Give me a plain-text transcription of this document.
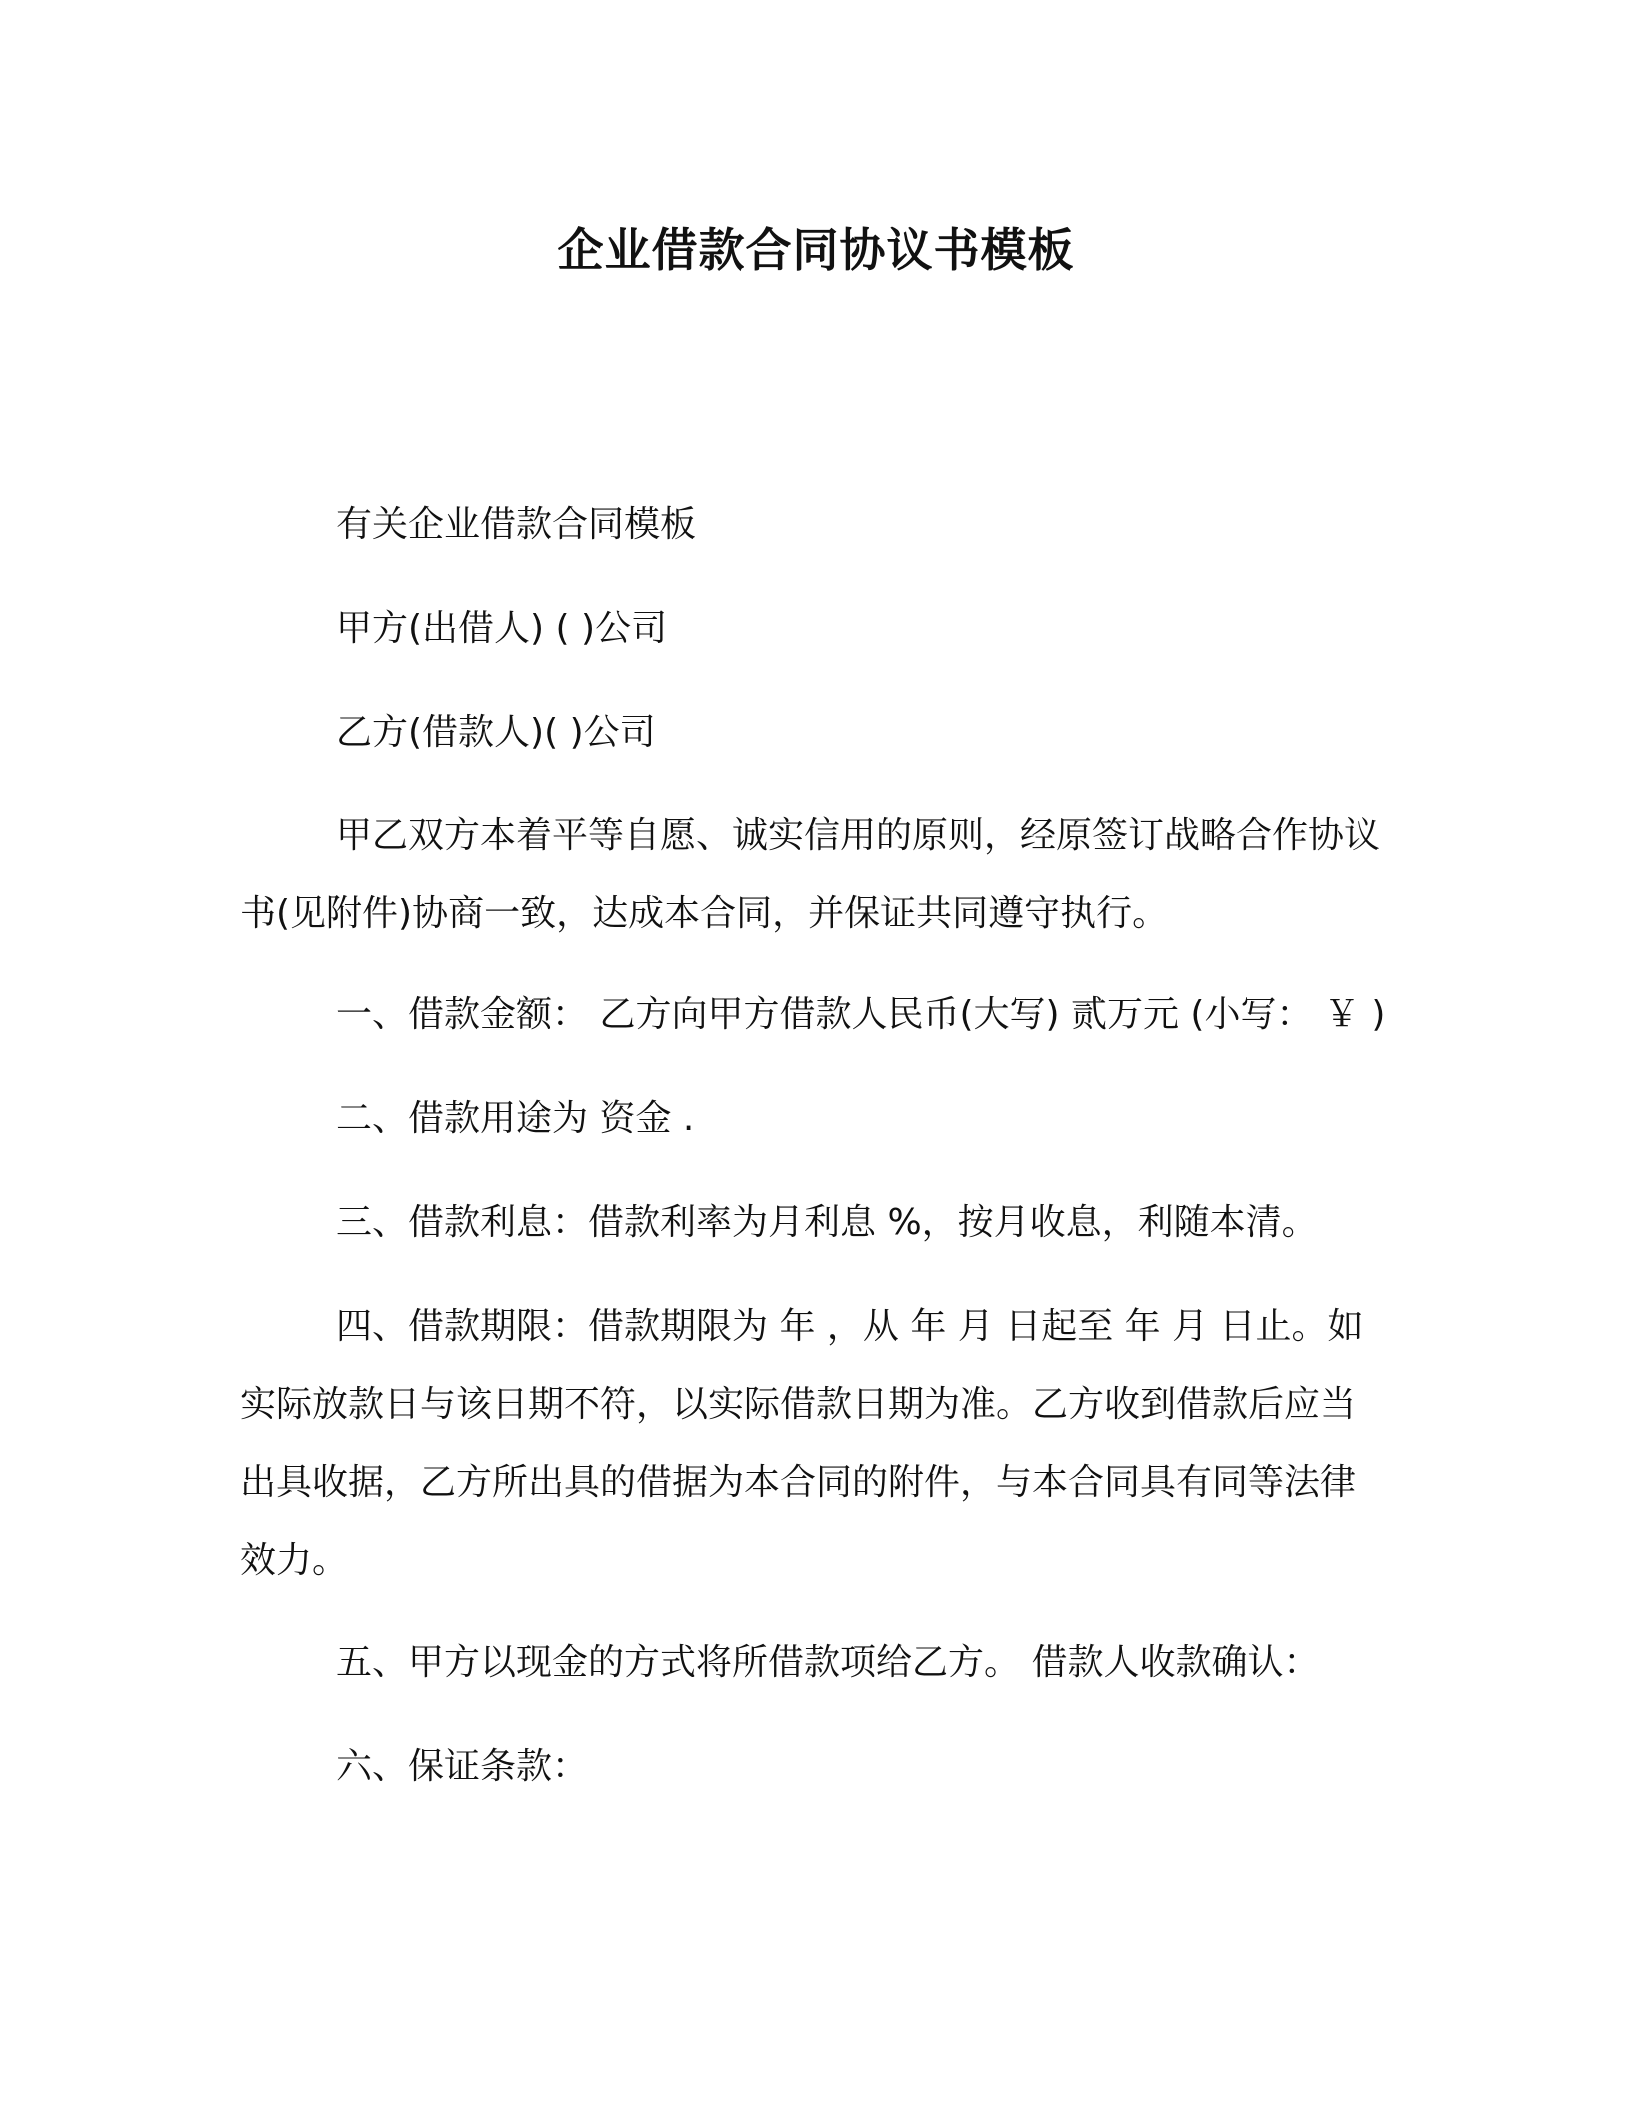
企业借款合同协议书模板
有关企业借款合同模板
甲方(出借人) ( )公司
乙方(借款人)( )公司
甲乙双方本着平等自愿、诚实信用的原则，经原签订战略合作协议书(见附件)协商一致，达成本合同，并保证共同遵守执行。
一、借款金额： 乙方向甲方借款人民币(大写) 贰万元 (小写： ￥ )
二、借款用途为 资金 .
三、借款利息：借款利率为月利息 %，按月收息，利随本清。
四、借款期限：借款期限为 年 ，从 年 月 日起至 年 月 日止。如实际放款日与该日期不符，以实际借款日期为准。乙方收到借款后应当出具收据，乙方所出具的借据为本合同的附件，与本合同具有同等法律效力。
五、甲方以现金的方式将所借款项给乙方。 借款人收款确认：
六、保证条款：
